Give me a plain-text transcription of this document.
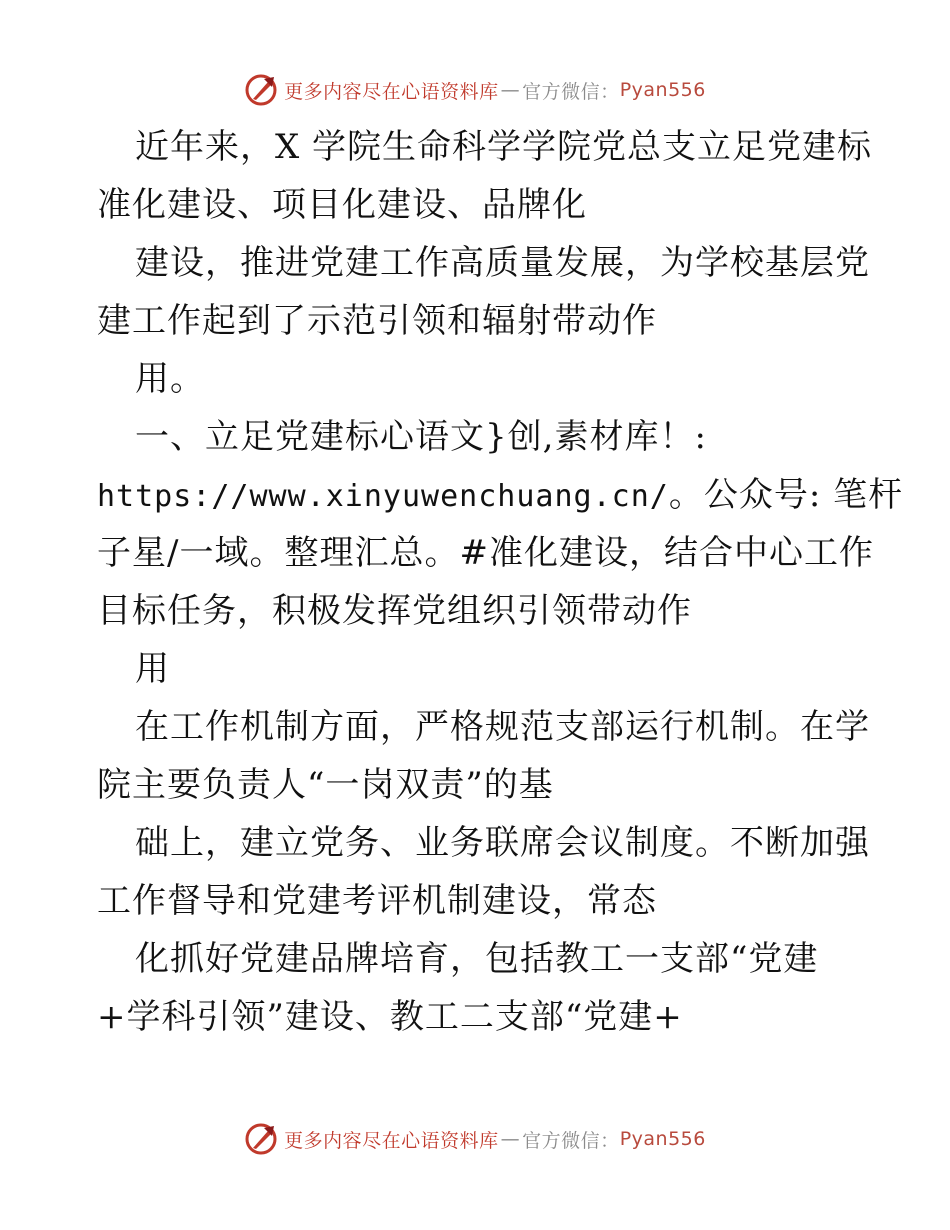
更多内容尽在心语资料库 — 官方微信： Pyan556
近年来，X 学院生命科学学院党总支立足党建标
准化建设、项目化建设、品牌化
建设，推进党建工作高质量发展，为学校基层党
建工作起到了示范引领和辐射带动作
用。
一、立足党建标心语文}创,素材库！:
https://www.xinyuwenchuang.cn/。公众号: 笔杆
子星/一域。整理汇总。#准化建设，结合中心工作
目标任务，积极发挥党组织引领带动作
用
在工作机制方面，严格规范支部运行机制。在学
院主要负责人“一岗双责”的基
础上，建立党务、业务联席会议制度。不断加强
工作督导和党建考评机制建设，常态
化抓好党建品牌培育，包括教工一支部“党建
+学科引领”建设、教工二支部“党建+
更多内容尽在心语资料库 — 官方微信： Pyan556
